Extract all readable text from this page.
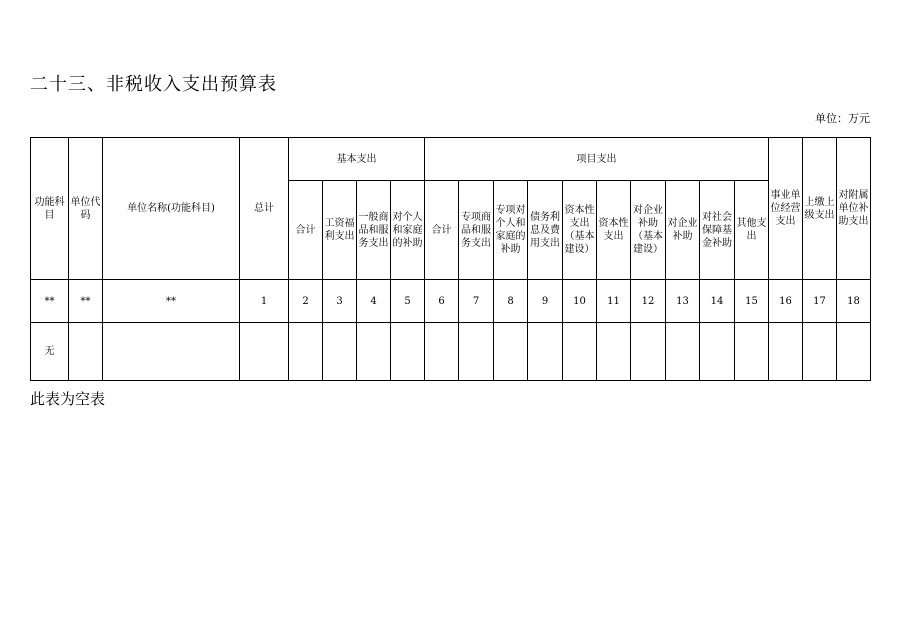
二十三、非税收入支出预算表
单位：万元
功能科目	单位代码	单位名称(功能科目)	总计	基本支出				项目支出										事业单位经营支出	上缴上级支出	对附属单位补助支出
				合计	工资福利支出	一般商品和服务支出	对个人和家庭的补助	合计	专项商品和服务支出	专项对个人和家庭的补助	债务利息及费用支出	资本性支出（基本建设）	资本性支出	对企业补助（基本建设）	对企业补助	对社会保障基金补助	其他支出			
**	**	**	1	2	3	4	5	6	7	8	9	10	11	12	13	14	15	16	17	18
无																				
此表为空表
